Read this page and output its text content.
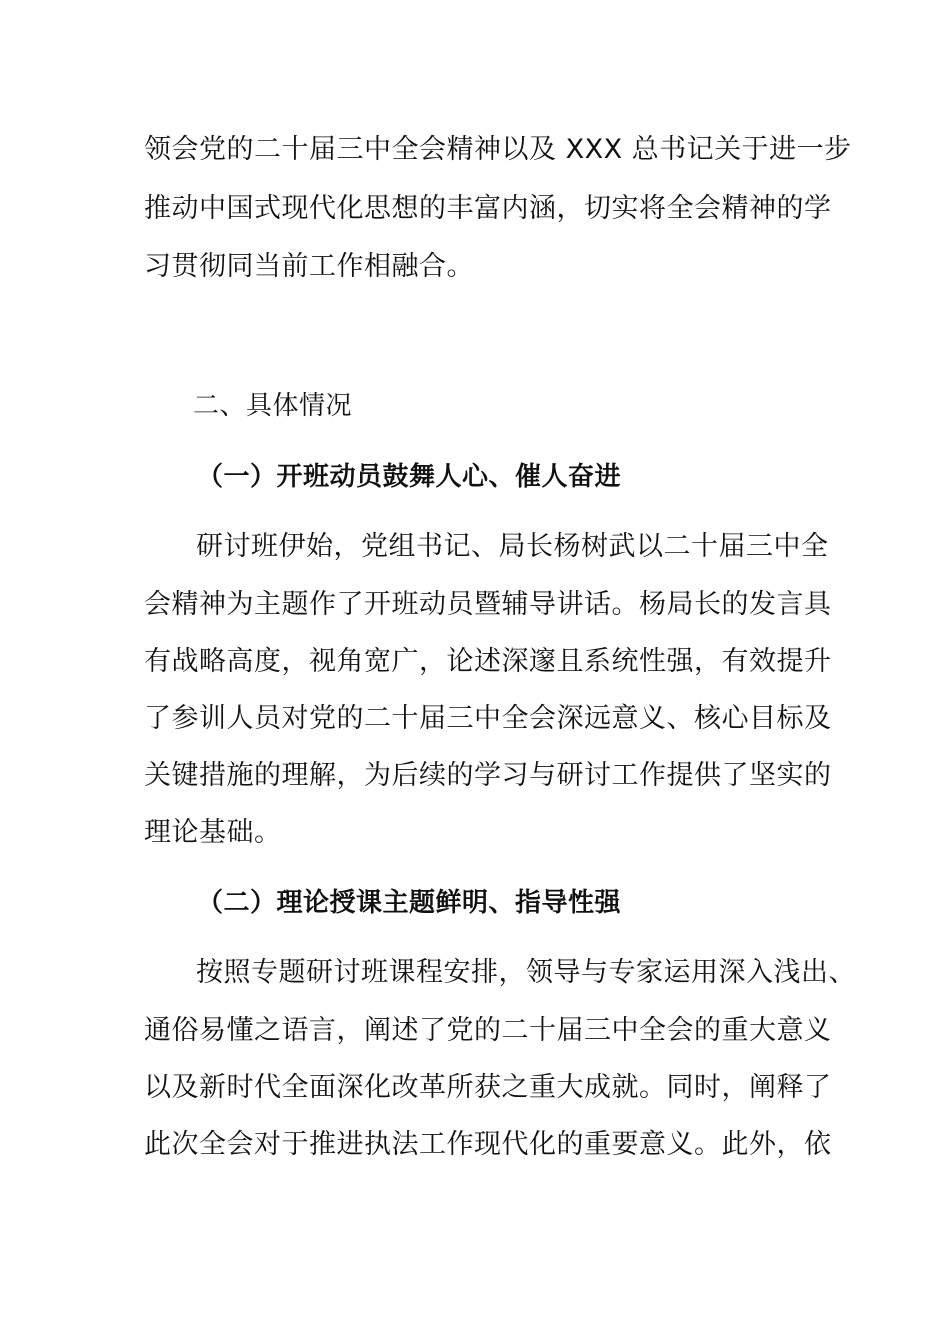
领会党的二十届三中全会精神以及 XXX 总书记关于进一步
推动中国式现代化思想的丰富内涵，切实将全会精神的学
习贯彻同当前工作相融合。
二、具体情况
（一）开班动员鼓舞人心、催人奋进
研讨班伊始，党组书记、局长杨树武以二十届三中全
会精神为主题作了开班动员暨辅导讲话。杨局长的发言具
有战略高度，视角宽广，论述深邃且系统性强，有效提升
了参训人员对党的二十届三中全会深远意义、核心目标及
关键措施的理解，为后续的学习与研讨工作提供了坚实的
理论基础。
（二）理论授课主题鲜明、指导性强
按照专题研讨班课程安排，领导与专家运用深入浅出、
通俗易懂之语言，阐述了党的二十届三中全会的重大意义
以及新时代全面深化改革所获之重大成就。同时，阐释了
此次全会对于推进执法工作现代化的重要意义。此外，依
